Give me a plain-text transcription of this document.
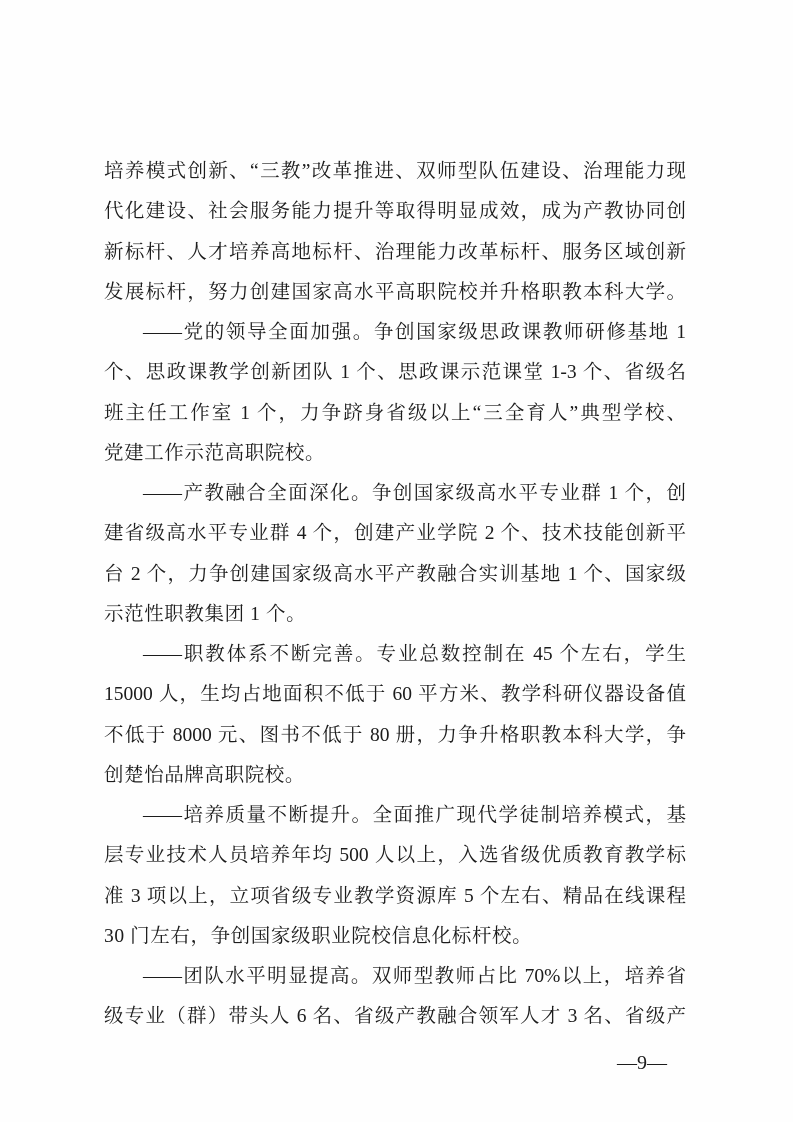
培养模式创新、“三教”改革推进、双师型队伍建设、治理能力现
代化建设、社会服务能力提升等取得明显成效，成为产教协同创
新标杆、人才培养高地标杆、治理能力改革标杆、服务区域创新
发展标杆，努力创建国家高水平高职院校并升格职教本科大学。
——党的领导全面加强。争创国家级思政课教师研修基地 1
个、思政课教学创新团队 1 个、思政课示范课堂 1-3 个、省级名
班主任工作室 1 个，力争跻身省级以上“三全育人”典型学校、
党建工作示范高职院校。
——产教融合全面深化。争创国家级高水平专业群 1 个，创
建省级高水平专业群 4 个，创建产业学院 2 个、技术技能创新平
台 2 个，力争创建国家级高水平产教融合实训基地 1 个、国家级
示范性职教集团 1 个。
——职教体系不断完善。专业总数控制在 45 个左右，学生
15000 人，生均占地面积不低于 60 平方米、教学科研仪器设备值
不低于 8000 元、图书不低于 80 册，力争升格职教本科大学，争
创楚怡品牌高职院校。
——培养质量不断提升。全面推广现代学徒制培养模式，基
层专业技术人员培养年均 500 人以上，入选省级优质教育教学标
准 3 项以上，立项省级专业教学资源库 5 个左右、精品在线课程
30 门左右，争创国家级职业院校信息化标杆校。
——团队水平明显提高。双师型教师占比 70%以上，培养省
级专业（群）带头人 6 名、省级产教融合领军人才 3 名、省级产
—9—
